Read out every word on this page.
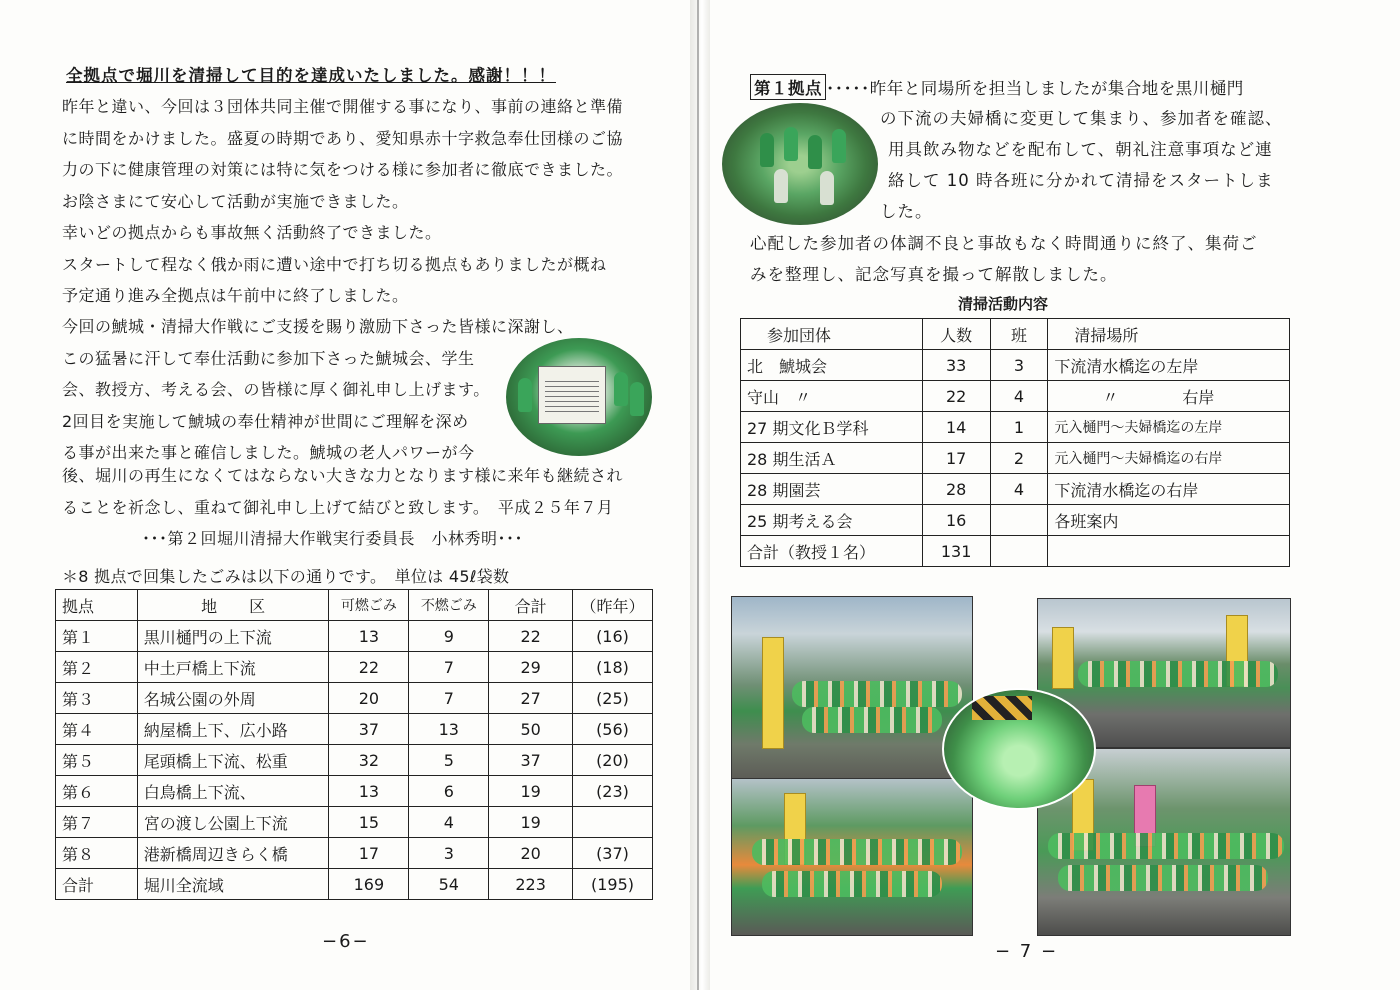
全拠点で堀川を清掃して目的を達成いたしました。感謝！！！
昨年と違い、今回は３団体共同主催で開催する事になり、事前の連絡と準備
に時間をかけました。盛夏の時期であり、愛知県赤十字救急奉仕団様のご協
力の下に健康管理の対策には特に気をつける様に参加者に徹底できました。
お陰さまにて安心して活動が実施できました。
幸いどの拠点からも事故無く活動終了できました。
スタートして程なく俄か雨に遭い途中で打ち切る拠点もありましたが概ね
予定通り進み全拠点は午前中に終了しました。
今回の鯱城・清掃大作戦にご支援を賜り激励下さった皆様に深謝し、
この猛暑に汗して奉仕活動に参加下さった鯱城会、学生
会、教授方、考える会、の皆様に厚く御礼申し上げます。
2回目を実施して鯱城の奉仕精神が世間にご理解を深め
る事が出来た事と確信しました。鯱城の老人パワーが今
後、堀川の再生になくてはならない大きな力となります様に来年も継続され
ることを祈念し、重ねて御礼申し上げて結びと致します。　平成２５年７月
･･･第２回堀川清掃大作戦実行委員長　小林秀明･･･
＊8 拠点で回集したごみは以下の通りです。　単位は 45ℓ袋数
拠点	地　　区	可燃ごみ	不燃ごみ	合計	（昨年）
第１	黒川樋門の上下流	13	9	22	(16)
第２	中土戸橋上下流	22	7	29	(18)
第３	名城公園の外周	20	7	27	(25)
第４	納屋橋上下、広小路	37	13	50	(56)
第５	尾頭橋上下流、松重	32	5	37	(20)
第６	白鳥橋上下流、	13	6	19	(23)
第７	宮の渡し公園上下流	15	4	19	
第８	港新橋周辺きらく橋	17	3	20	(37)
合計	堀川全流域	169	54	223	(195)
−6−
第１拠点 ･････昨年と同場所を担当しましたが集合地を黒川樋門
の下流の夫婦橋に変更して集まり、参加者を確認、
用具飲み物などを配布して、朝礼注意事項など連
絡して 10 時各班に分かれて清掃をスタートしま
した。
心配した参加者の体調不良と事故もなく時間通りに終了、集荷ご
みを整理し、記念写真を撮って解散しました。
清掃活動内容
参加団体	人数	班	清掃場所
北　鯱城会	33	3	下流清水橋迄の左岸
守山　〃	22	4	〃　　　　右岸
27 期文化Ｂ学科	14	1	元入樋門～夫婦橋迄の左岸
28 期生活Ａ	17	2	元入樋門～夫婦橋迄の右岸
28 期園芸	28	4	下流清水橋迄の右岸
25 期考える会	16		各班案内
合計（教授１名）	131		
− 7 −
